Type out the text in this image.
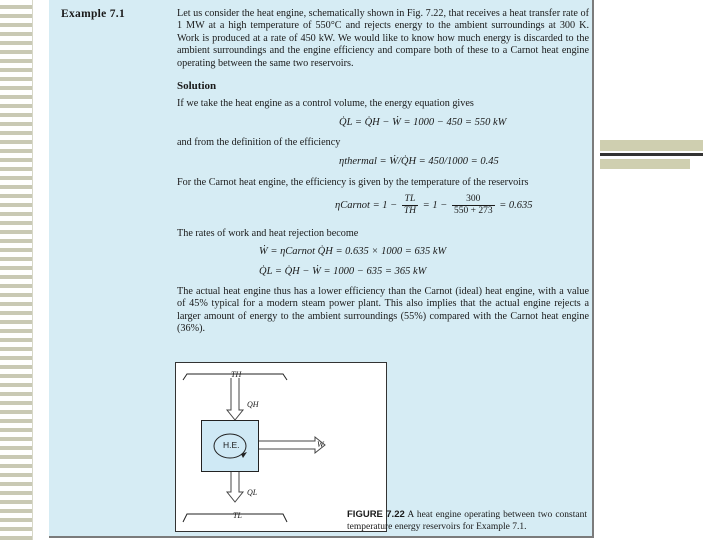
Example 7.1	Let us consider the heat engine, schematically shown in Fig. 7.22, that receives a heat transfer rate of 1 MW at a high temperature of 550°C and rejects energy to the ambient surroundings at 300 K. Work is produced at a rate of 450 kW. We would like to know how much energy is discarded to the ambient surroundings and the engine efficiency and compare both of these to a Carnot heat engine operating between the same two reservoirs.
Solution
If we take the heat engine as a control volume, the energy equation gives
Q̇L = Q̇H − Ẇ = 1000 − 450 = 550 kW
and from the definition of the efficiency
ηthermal = Ẇ/Q̇H = 450/1000 = 0.45
For the Carnot heat engine, the efficiency is given by the temperature of the reservoirs
ηCarnot = $1 - \frac{TL}{TH} = 1 - \frac{300}{550 + 273} = 0.635$
The rates of work and heat rejection become
Ẇ = ηCarnot Q̇H = 0.635 × 1000 = 635 kW
Q̇L = Q̇H − Ẇ = 1000 − 635 = 365 kW
The actual heat engine thus has a lower efficiency than the Carnot (ideal) heat engine, with a value of 45% typical for a modern steam power plant. This also implies that the actual engine rejects a larger amount of energy to the ambient surroundings (55%) compared with the Carnot heat engine (36%).
H.E.
TH
QH
W
QL
TL	FIGURE 7.22 A heat engine operating between two constant temperature energy reservoirs for Example 7.1.
